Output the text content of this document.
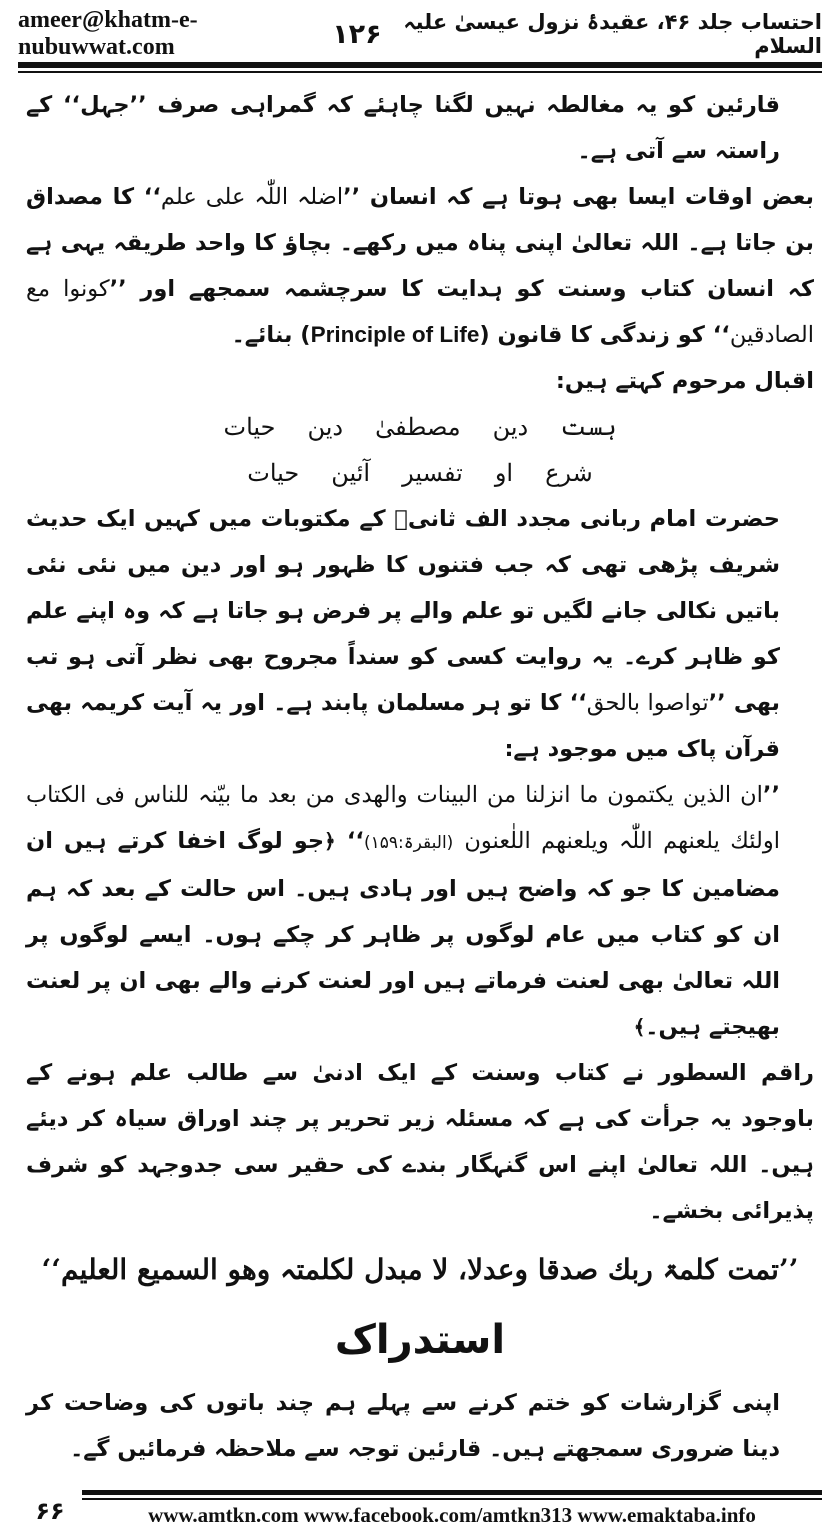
ameer@khatm-e-nubuwwat.com	۱۲۶	احتساب جلد ۴۶، عقیدۂ نزول عیسیٰ علیہ السلام

قارئین کو یہ مغالطہ نہیں لگنا چاہئے کہ گمراہی صرف ’’جہل‘‘ کے راستہ سے آتی ہے۔

بعض اوقات ایسا بھی ہوتا ہے کہ انسان ’’اضلہ اللّٰہ علی علم‘‘ کا مصداق بن جاتا ہے۔ اللہ تعالیٰ اپنی پناہ میں رکھے۔ بچاؤ کا واحد طریقہ یہی ہے کہ انسان کتاب وسنت کو ہدایت کا سرچشمہ سمجھے اور ’’کونوا مع الصادقین‘‘ کو زندگی کا قانون (Principle of Life) بنائے۔

اقبال مرحوم کہتے ہیں:

ہستدینمصطفیٰدینحیات
شرعاوتفسیرآئینحیات

حضرت امام ربانی مجدد الف ثانیؒ کے مکتوبات میں کہیں ایک حدیث شریف پڑھی تھی کہ جب فتنوں کا ظہور ہو اور دین میں نئی نئی باتیں نکالی جانے لگیں تو علم والے پر فرض ہو جاتا ہے کہ وہ اپنے علم کو ظاہر کرے۔ یہ روایت کسی کو سنداً مجروح بھی نظر آتی ہو تب بھی ’’تواصوا بالحق‘‘ کا تو ہر مسلمان پابند ہے۔ اور یہ آیت کریمہ بھی قرآن پاک میں موجود ہے:

’’ان الذین یکتمون ما انزلنا من البینات والھدی من بعد ما بیّنہ للناس فی الکتاب اولئك یلعنھم اللّٰہ ویلعنھم اللٰعنون (البقرۃ:۱۵۹)‘‘ ﴿جو لوگ اخفا کرتے ہیں ان مضامین کا جو کہ واضح ہیں اور ہادی ہیں۔ اس حالت کے بعد کہ ہم ان کو کتاب میں عام لوگوں پر ظاہر کر چکے ہوں۔ ایسے لوگوں پر اللہ تعالیٰ بھی لعنت فرماتے ہیں اور لعنت کرنے والے بھی ان پر لعنت بھیجتے ہیں۔﴾

راقم السطور نے کتاب وسنت کے ایک ادنیٰ سے طالب علم ہونے کے باوجود یہ جرأت کی ہے کہ مسئلہ زیر تحریر پر چند اوراق سیاہ کر دیئے ہیں۔ اللہ تعالیٰ اپنے اس گنہگار بندے کی حقیر سی جدوجہد کو شرف پذیرائی بخشے۔

’’تمت کلمۃ ربك صدقا وعدلا، لا مبدل لکلمتہ وھو السمیع العلیم‘‘
استدراک

اپنی گزارشات کو ختم کرنے سے پہلے ہم چند باتوں کی وضاحت کر دینا ضروری سمجھتے ہیں۔ قارئین توجہ سے ملاحظہ فرمائیں گے۔

۶۶	www.amtkn.com www.facebook.com/amtkn313 www.emaktaba.info
